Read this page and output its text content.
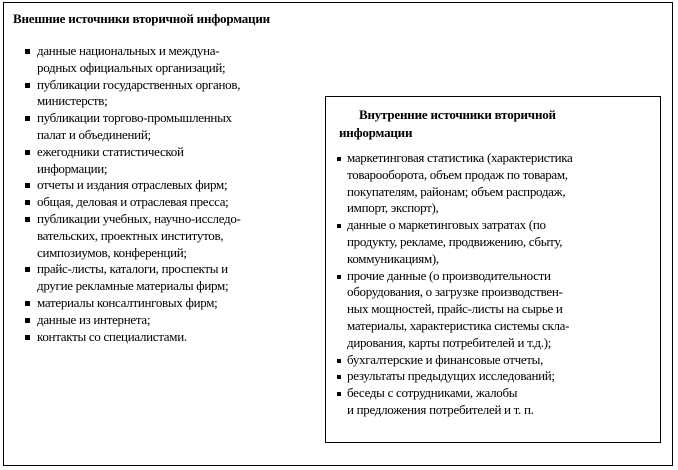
Внешние источники вторичной информации
данные национальных и междуна-
родных официальных организаций;
публикации государственных органов,
министерств;
публикации торгово-промышленных
палат и объединений;
ежегодники статистической
информации;
отчеты и издания отраслевых фирм;
общая, деловая и отраслевая пресса;
публикации учебных, научно-исследо-
вательских, проектных институтов,
симпозиумов, конференций;
прайс-листы, каталоги, проспекты и
другие рекламные материалы фирм;
материалы консалтинговых фирм;
данные из интернета;
контакты со специалистами.
Внутренние источники вторичной
информации
маркетинговая статистика (характеристика
товарооборота, объем продаж по товарам,
покупателям, районам; объем распродаж,
импорт, экспорт),
данные о маркетинговых затратах (по
продукту, рекламе, продвижению, сбыту,
коммуникациям),
прочие данные (о производительности
оборудования, о загрузке производствен-
ных мощностей, прайс-листы на сырье и
материалы, характеристика системы скла-
дирования, карты потребителей и т.д.);
бухгалтерские и финансовые отчеты,
результаты предыдущих исследований;
беседы с сотрудниками, жалобы
и предложения потребителей и т. п.
